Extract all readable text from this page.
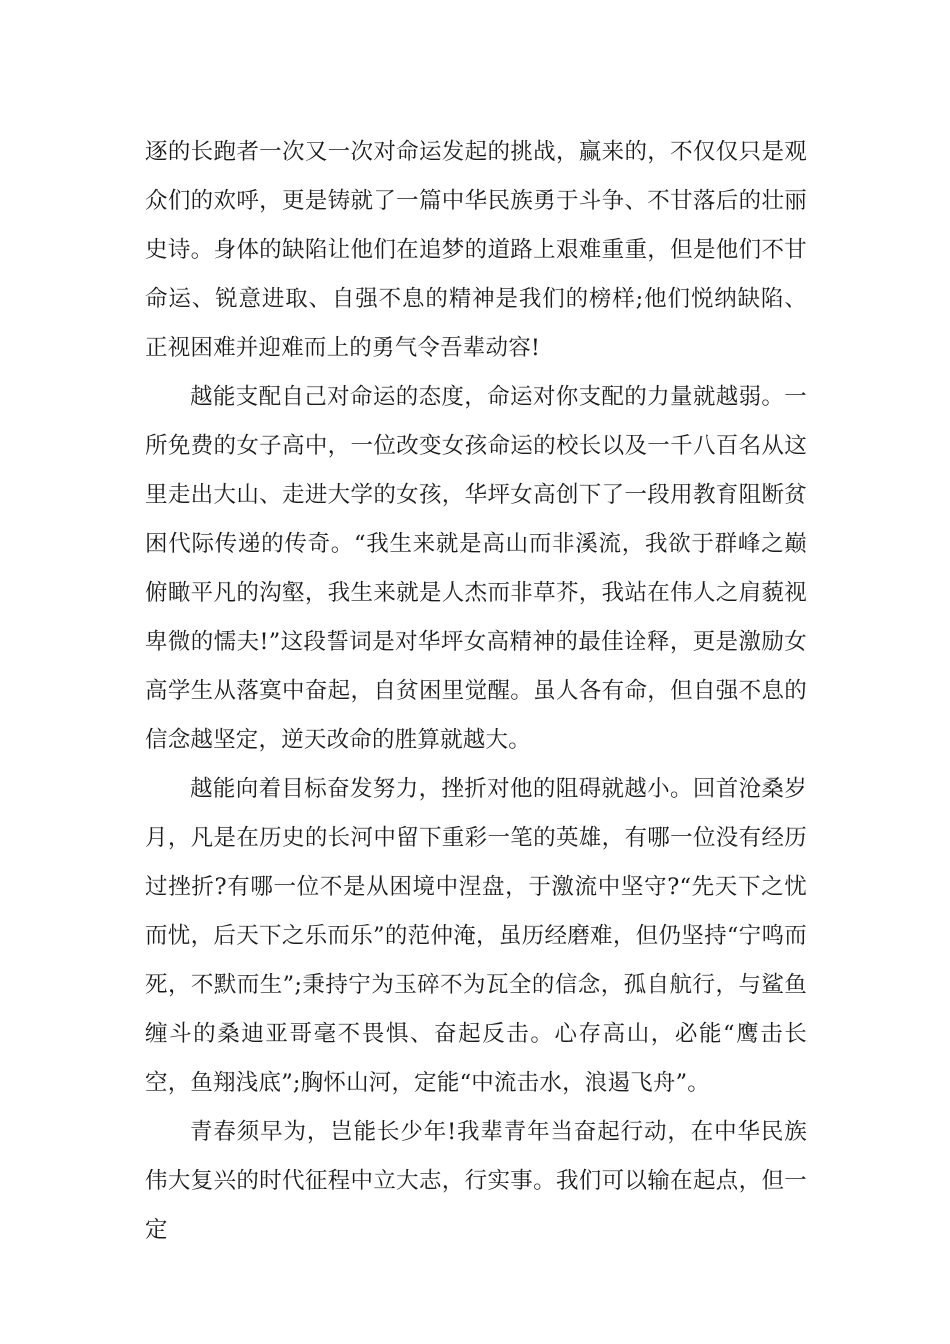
逐的长跑者一次又一次对命运发起的挑战，赢来的，不仅仅只是观众们的欢呼，更是铸就了一篇中华民族勇于斗争、不甘落后的壮丽史诗。身体的缺陷让他们在追梦的道路上艰难重重，但是他们不甘命运、锐意进取、自强不息的精神是我们的榜样;他们悦纳缺陷、正视困难并迎难而上的勇气令吾辈动容!

越能支配自己对命运的态度，命运对你支配的力量就越弱。一所免费的女子高中，一位改变女孩命运的校长以及一千八百名从这里走出大山、走进大学的女孩，华坪女高创下了一段用教育阻断贫困代际传递的传奇。“我生来就是高山而非溪流，我欲于群峰之巅俯瞰平凡的沟壑，我生来就是人杰而非草芥，我站在伟人之肩藐视卑微的懦夫!”这段誓词是对华坪女高精神的最佳诠释，更是激励女高学生从落寞中奋起，自贫困里觉醒。虽人各有命，但自强不息的信念越坚定，逆天改命的胜算就越大。

越能向着目标奋发努力，挫折对他的阻碍就越小。回首沧桑岁月，凡是在历史的长河中留下重彩一笔的英雄，有哪一位没有经历过挫折?有哪一位不是从困境中涅盘，于激流中坚守?“先天下之忧而忧，后天下之乐而乐”的范仲淹，虽历经磨难，但仍坚持“宁鸣而死，不默而生”;秉持宁为玉碎不为瓦全的信念，孤自航行，与鲨鱼缠斗的桑迪亚哥毫不畏惧、奋起反击。心存高山，必能“鹰击长空，鱼翔浅底”;胸怀山河，定能“中流击水，浪遏飞舟”。

青春须早为，岂能长少年!我辈青年当奋起行动，在中华民族伟大复兴的时代征程中立大志，行实事。我们可以输在起点，但一定
